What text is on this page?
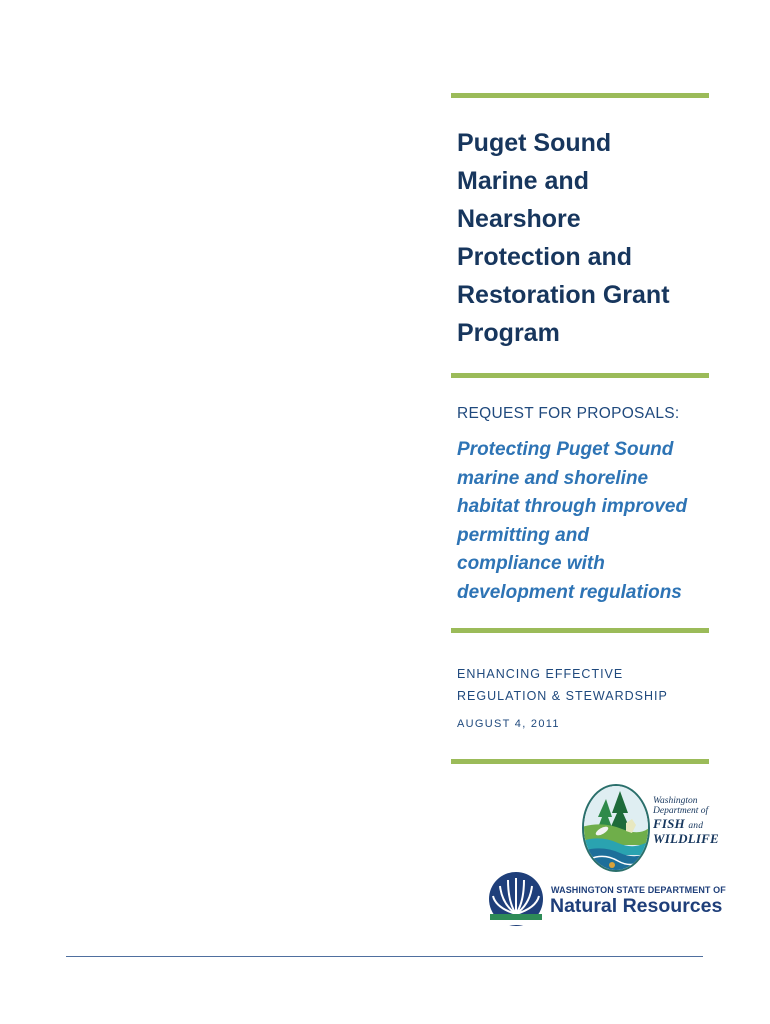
Puget Sound
Marine and
Nearshore
Protection and
Restoration Grant
Program

REQUEST FOR PROPOSALS:

Protecting Puget Sound
marine and shoreline
habitat through improved
permitting and
compliance with
development regulations

ENHANCING EFFECTIVE

REGULATION & STEWARDSHIP

AUGUST 4, 2011

Washington
Department of
FISH and
WILDLIFE

WASHINGTON STATE DEPARTMENT OF

Natural Resources
